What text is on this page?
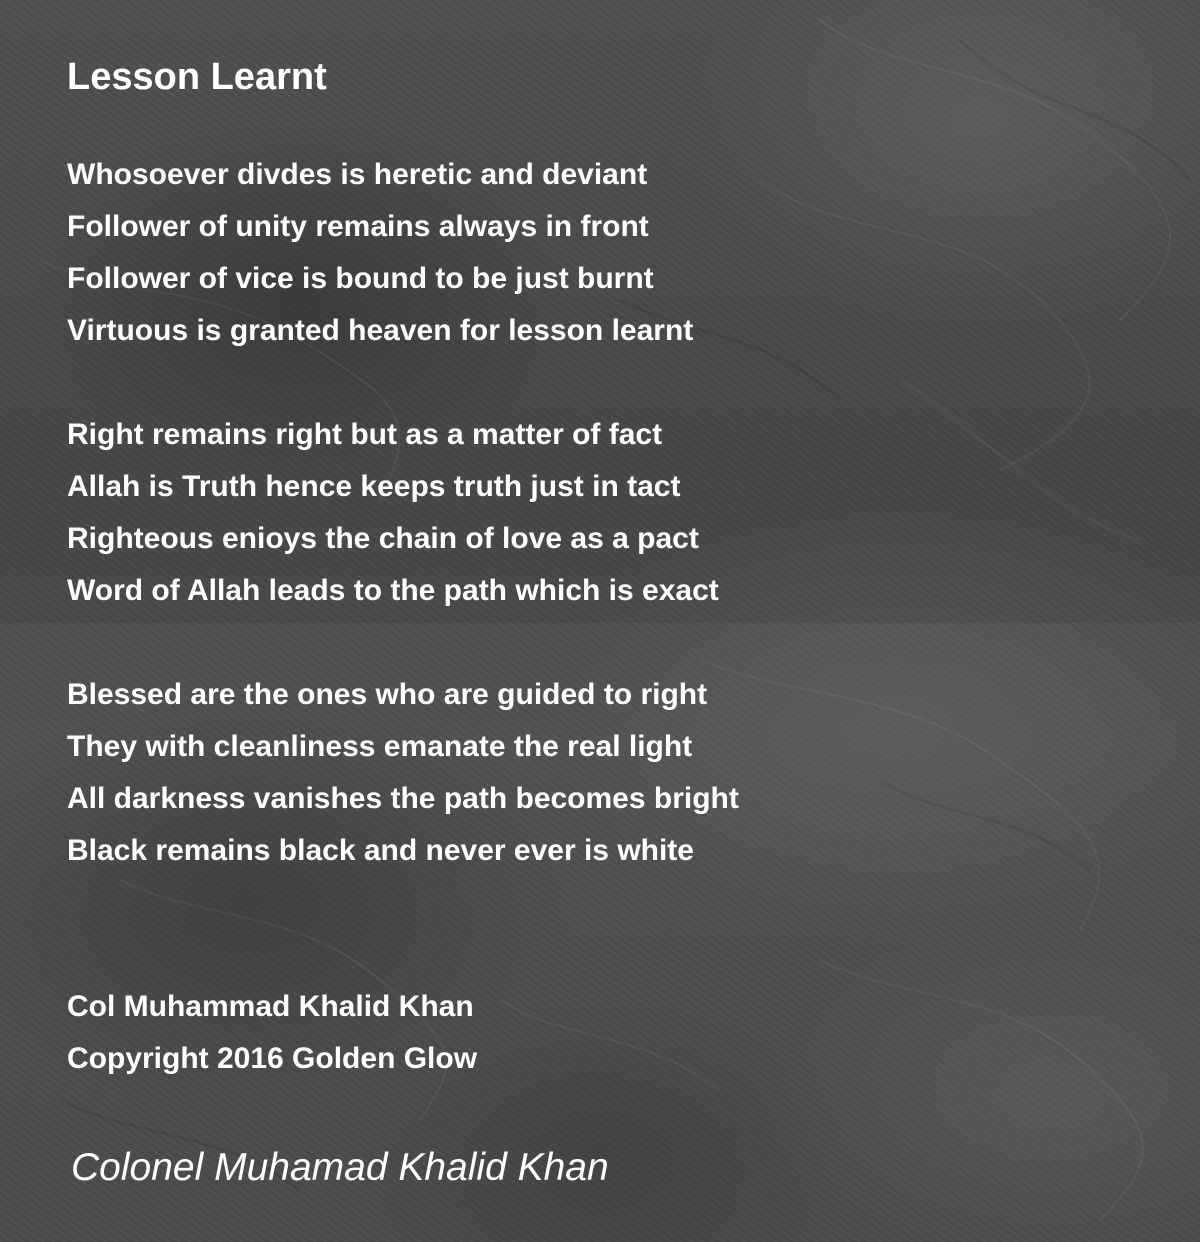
Lesson Learnt
Whosoever divdes is heretic and deviant
Follower of unity remains always in front
Follower of vice is bound to be just burnt
Virtuous is granted heaven for lesson learnt
Right remains right but as a matter of fact
Allah is Truth hence keeps truth just in tact
Righteous enioys the chain of love as a pact
Word of Allah leads to the path which is exact
Blessed are the ones who are guided to right
They with cleanliness emanate the real light
All darkness vanishes the path becomes bright
Black remains black and never ever is white
Col Muhammad Khalid Khan
Copyright 2016 Golden Glow
Colonel Muhamad Khalid Khan
